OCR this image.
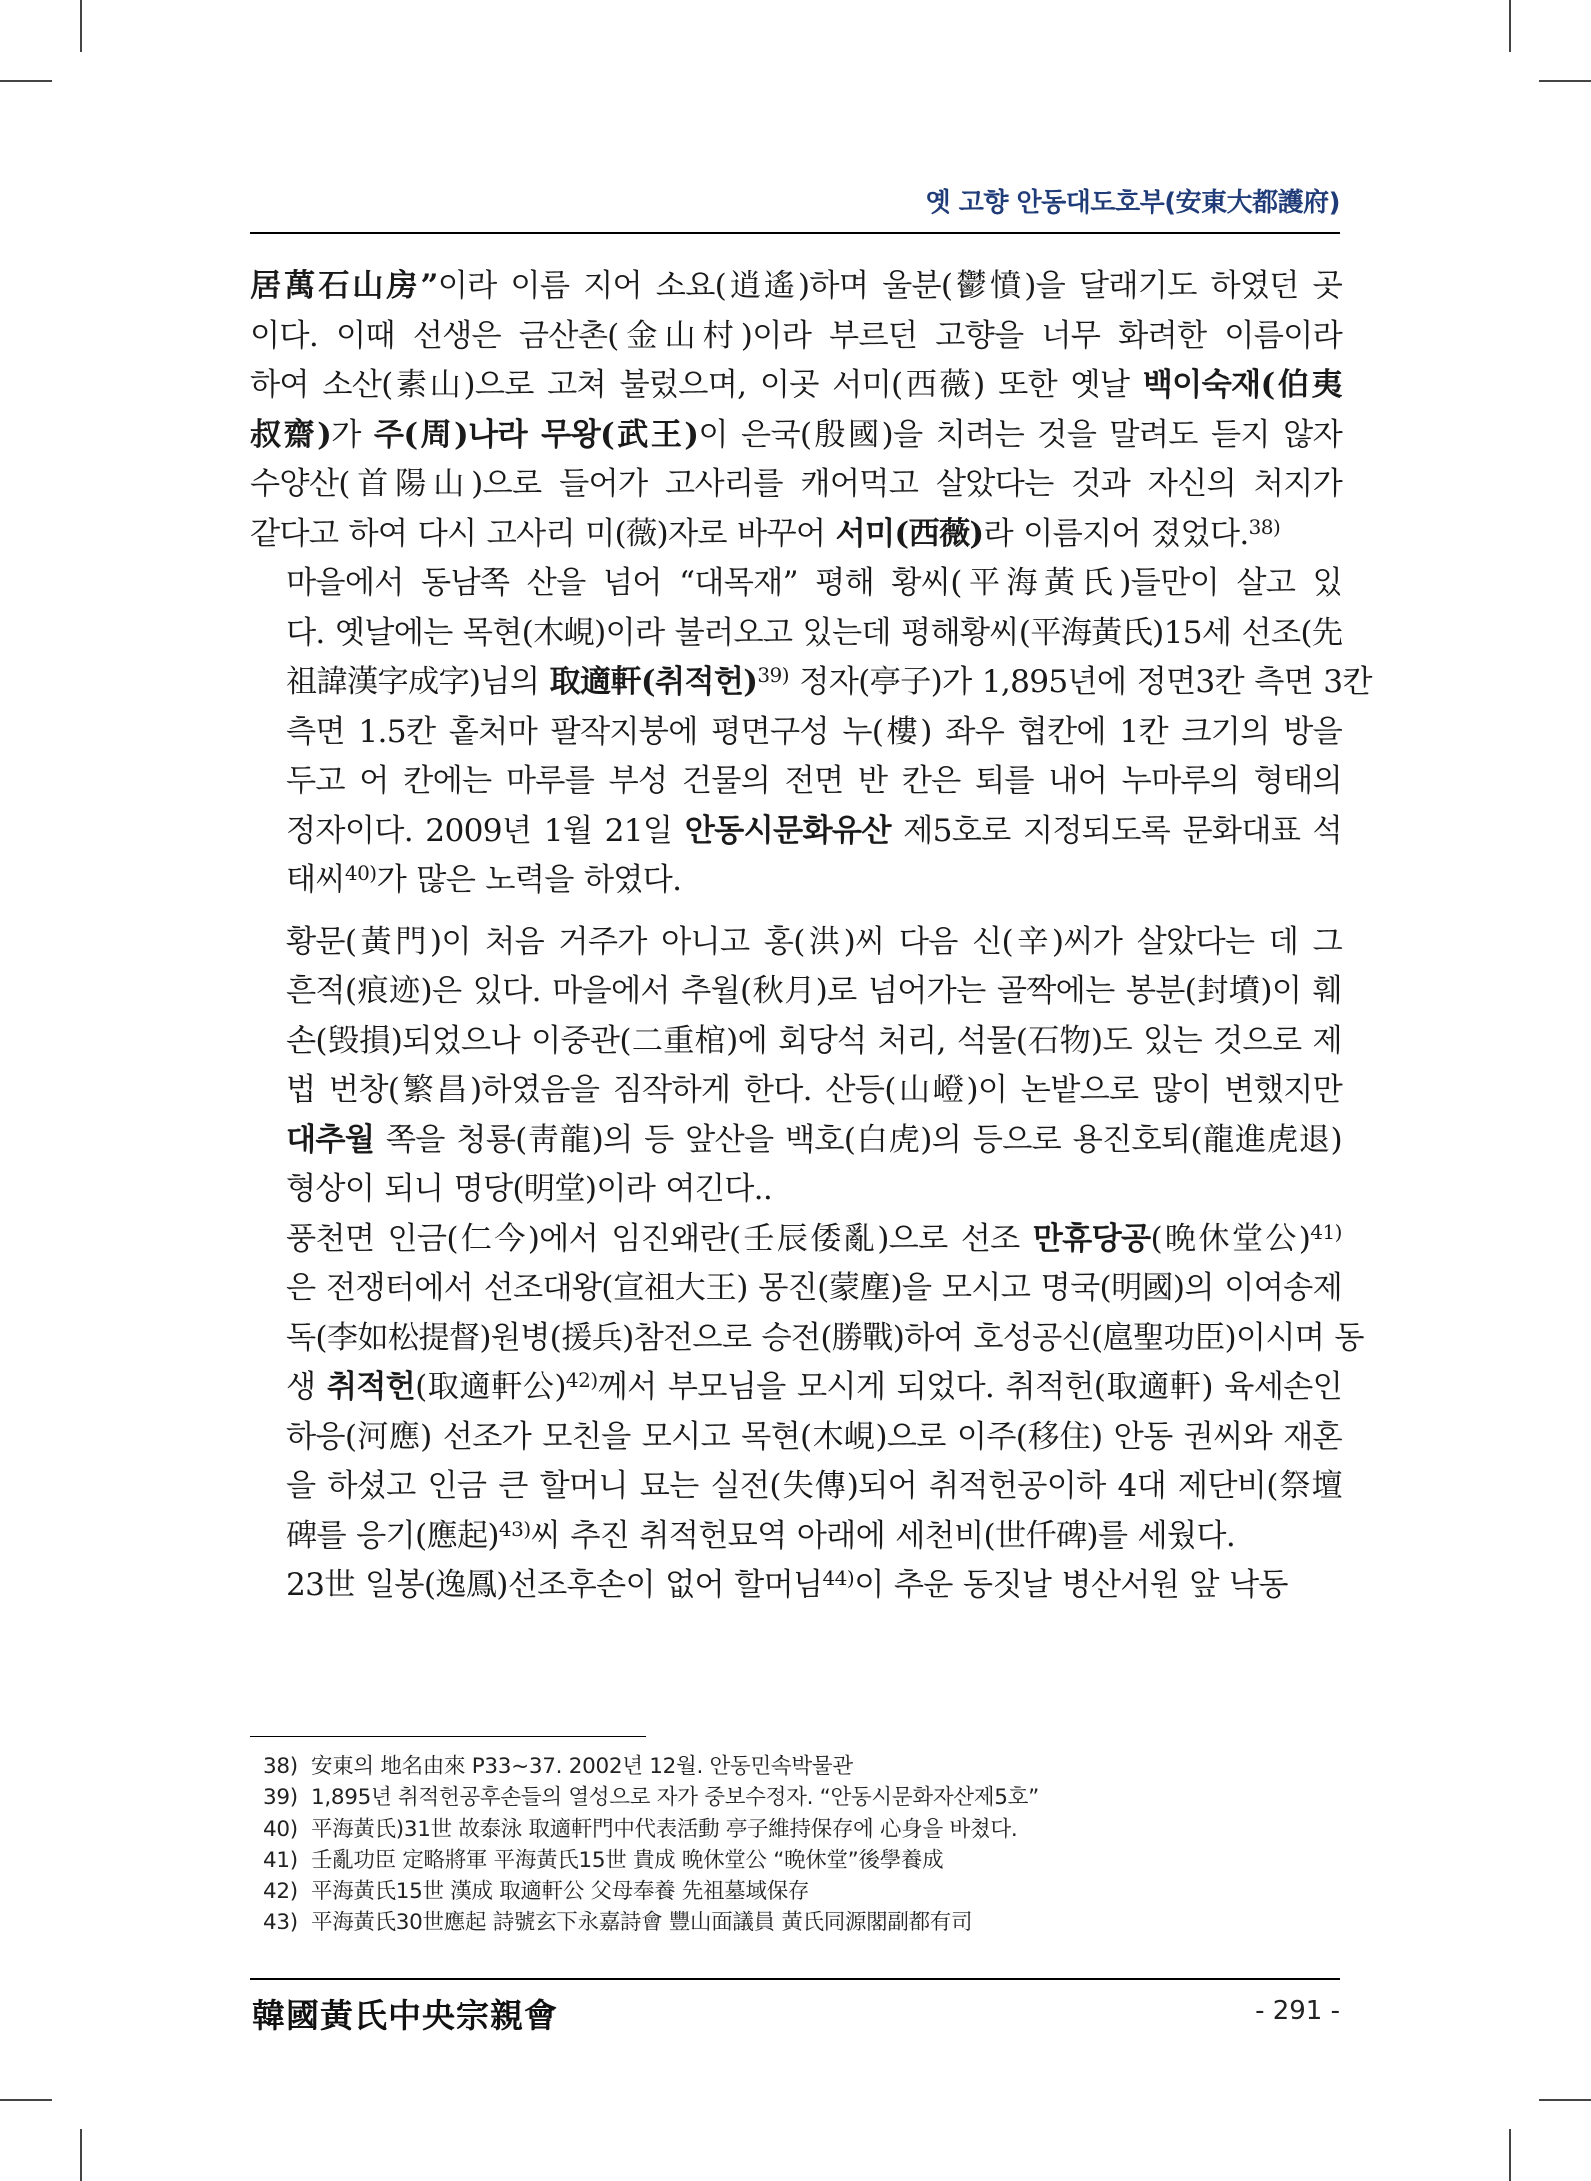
옛 고향 안동대도호부(安東大都護府)

居萬石山房”이라 이름 지어 소요(逍遙)하며 울분(鬱憤)을 달래기도 하였던 곳
이다. 이때 선생은 금산촌(金山村)이라 부르던 고향을 너무 화려한 이름이라
하여 소산(素山)으로 고쳐 불렀으며, 이곳 서미(西薇) 또한 옛날 백이숙재(伯夷
叔齋)가 주(周)나라 무왕(武王)이 은국(殷國)을 치려는 것을 말려도 듣지 않자
수양산(首陽山)으로 들어가 고사리를 캐어먹고 살았다는 것과 자신의 처지가
같다고 하여 다시 고사리 미(薇)자로 바꾸어 서미(西薇)라 이름지어 졌었다.$^{38)}$

마을에서 동남쪽 산을 넘어 “대목재” 평해 황씨(平海黃氏)들만이 살고 있
다. 옛날에는 목현(木峴)이라 불러오고 있는데 평해황씨(平海黃氏)15세 선조(先
祖諱漢字成字)님의 取適軒(취적헌)$^{39)}$ 정자(亭子)가 1,895년에 정면3칸 측면 3칸
측면 1.5칸 홑처마 팔작지붕에 평면구성 누(樓) 좌우 협칸에 1칸 크기의 방을
두고 어 칸에는 마루를 부성 건물의 전면 반 칸은 퇴를 내어 누마루의 형태의
정자이다. 2009년 1월 21일 안동시문화유산 제5호로 지정되도록 문화대표 석
태씨$^{40)}$가 많은 노력을 하였다.

황문(黃門)이 처음 거주가 아니고 홍(洪)씨 다음 신(辛)씨가 살았다는 데 그
흔적(痕迹)은 있다. 마을에서 추월(秋月)로 넘어가는 골짝에는 봉분(封墳)이 훼
손(毁損)되었으나 이중관(二重棺)에 회당석 처리, 석물(石物)도 있는 것으로 제
법 번창(繁昌)하였음을 짐작하게 한다. 산등(山嶝)이 논밭으로 많이 변했지만
대추월 쪽을 청룡(靑龍)의 등 앞산을 백호(白虎)의 등으로 용진호퇴(龍進虎退)
형상이 되니 명당(明堂)이라 여긴다..

풍천면 인금(仁今)에서 임진왜란(壬辰倭亂)으로 선조 만휴당공(晩休堂公)$^{41)}$
은 전쟁터에서 선조대왕(宣祖大王) 몽진(蒙塵)을 모시고 명국(明國)의 이여송제
독(李如松提督)원병(援兵)참전으로 승전(勝戰)하여 호성공신(扈聖功臣)이시며 동
생 취적헌(取適軒公)$^{42)}$께서 부모님을 모시게 되었다. 취적헌(取適軒) 육세손인
하응(河應) 선조가 모친을 모시고 목현(木峴)으로 이주(移住) 안동 권씨와 재혼
을 하셨고 인금 큰 할머니 묘는 실전(失傳)되어 취적헌공이하 4대 제단비(祭壇
碑를 응기(應起)$^{43)}$씨 추진 취적헌묘역 아래에 세천비(世仟碑)를 세웠다.

23世 일봉(逸鳳)선조후손이 없어 할머님$^{44)}$이 추운 동짓날 병산서원 앞 낙동

38) 安東의 地名由來 P33~37. 2002년 12월. 안동민속박물관
39) 1,895년 취적헌공후손들의 열성으로 자가 중보수정자. “안동시문화자산제5호”
40) 平海黃氏)31世 故泰泳 取適軒門中代表活動 亭子維持保存에 心身을 바쳤다.
41) 壬亂功臣 定略將軍 平海黃氏15世 貴成 晩休堂公 “晩休堂”後學養成
42) 平海黃氏15世 漢成 取適軒公 父母奉養 先祖墓域保存
43) 平海黃氏30世應起 詩號玄下永嘉詩會 豐山面議員 黃氏同源閣副都有司
韓國黃氏中央宗親會	- 291 -
